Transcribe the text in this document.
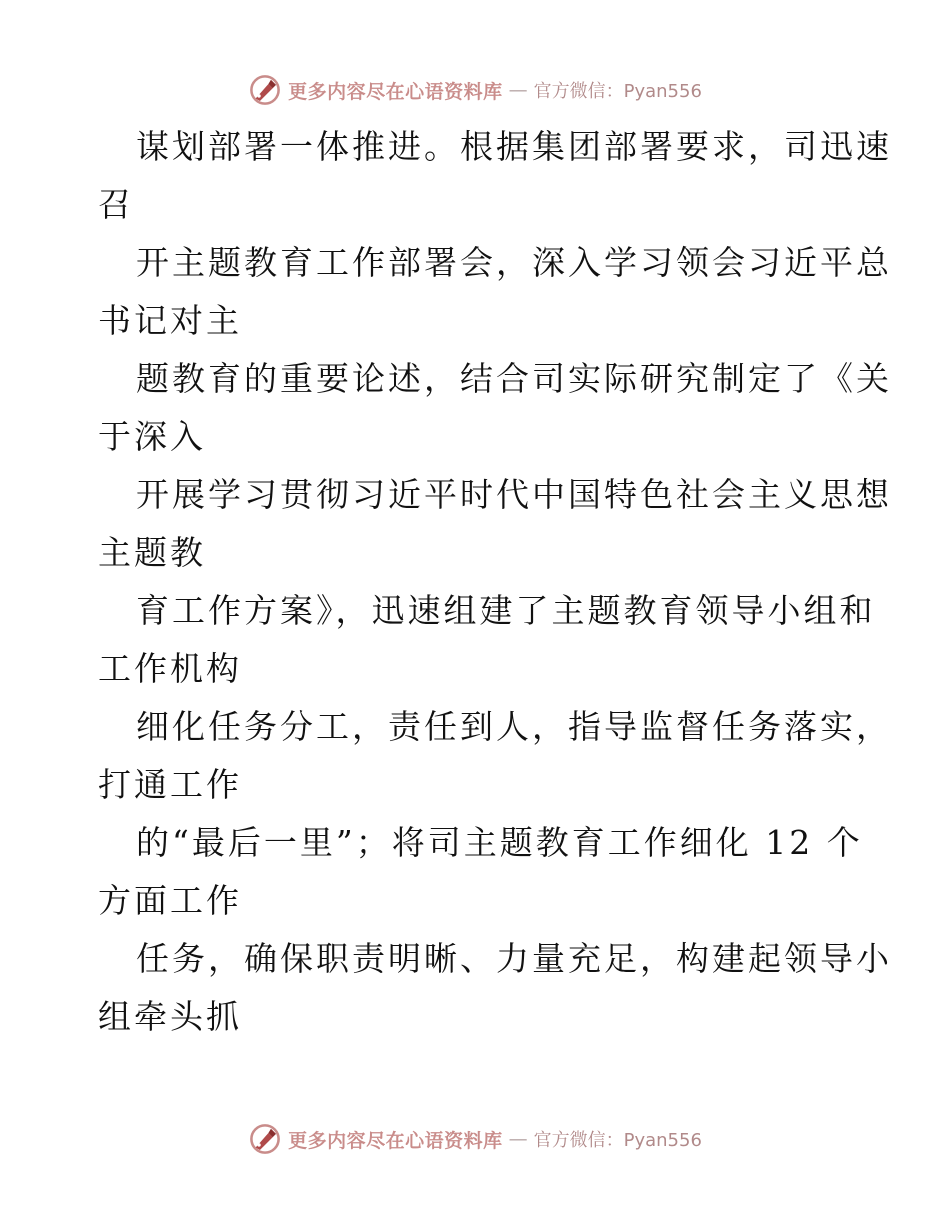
更多内容尽在心语资料库 — 官方微信：Pyan556
谋划部署一体推进。根据集团部署要求，司迅速
召
开主题教育工作部署会，深入学习领会习近平总
书记对主
题教育的重要论述，结合司实际研究制定了《关
于深入
开展学习贯彻习近平时代中国特色社会主义思想
主题教
育工作方案》，迅速组建了主题教育领导小组和
工作机构
细化任务分工，责任到人，指导监督任务落实，
打通工作
的“最后一里”；将司主题教育工作细化 12 个
方面工作
任务，确保职责明晰、力量充足，构建起领导小
组牵头抓
更多内容尽在心语资料库 — 官方微信：Pyan556
